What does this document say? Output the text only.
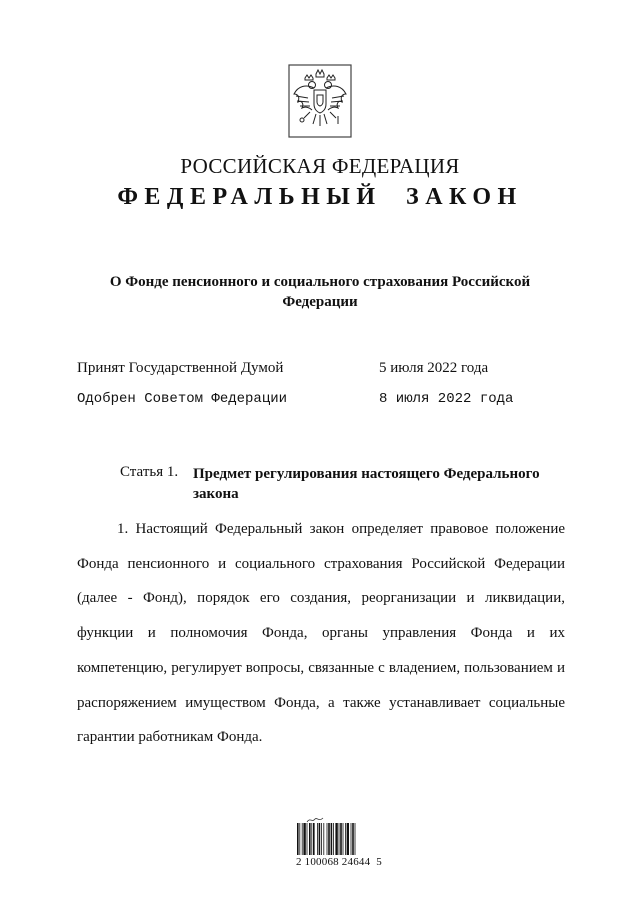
РОССИЙСКАЯ ФЕДЕРАЦИЯ
ФЕДЕРАЛЬНЫЙ ЗАКОН
О Фонде пенсионного и социального страхования Российской Федерации
Принят Государственной Думой	5 июля 2022 года
Одобрен Советом Федерации	8 июля 2022 года
Статья 1. Предмет регулирования настоящего Федерального закона

1. Настоящий Федеральный закон определяет правовое положение Фонда пенсионного и социального страхования Российской Федерации (далее - Фонд), порядок его создания, реорганизации и ликвидации, функции и полномочия Фонда, органы управления Фонда и их компетенцию, регулирует вопросы, связанные с владением, пользованием и распоряжением имуществом Фонда, а также устанавливает социальные гарантии работникам Фонда.

2 100068 24644  5
